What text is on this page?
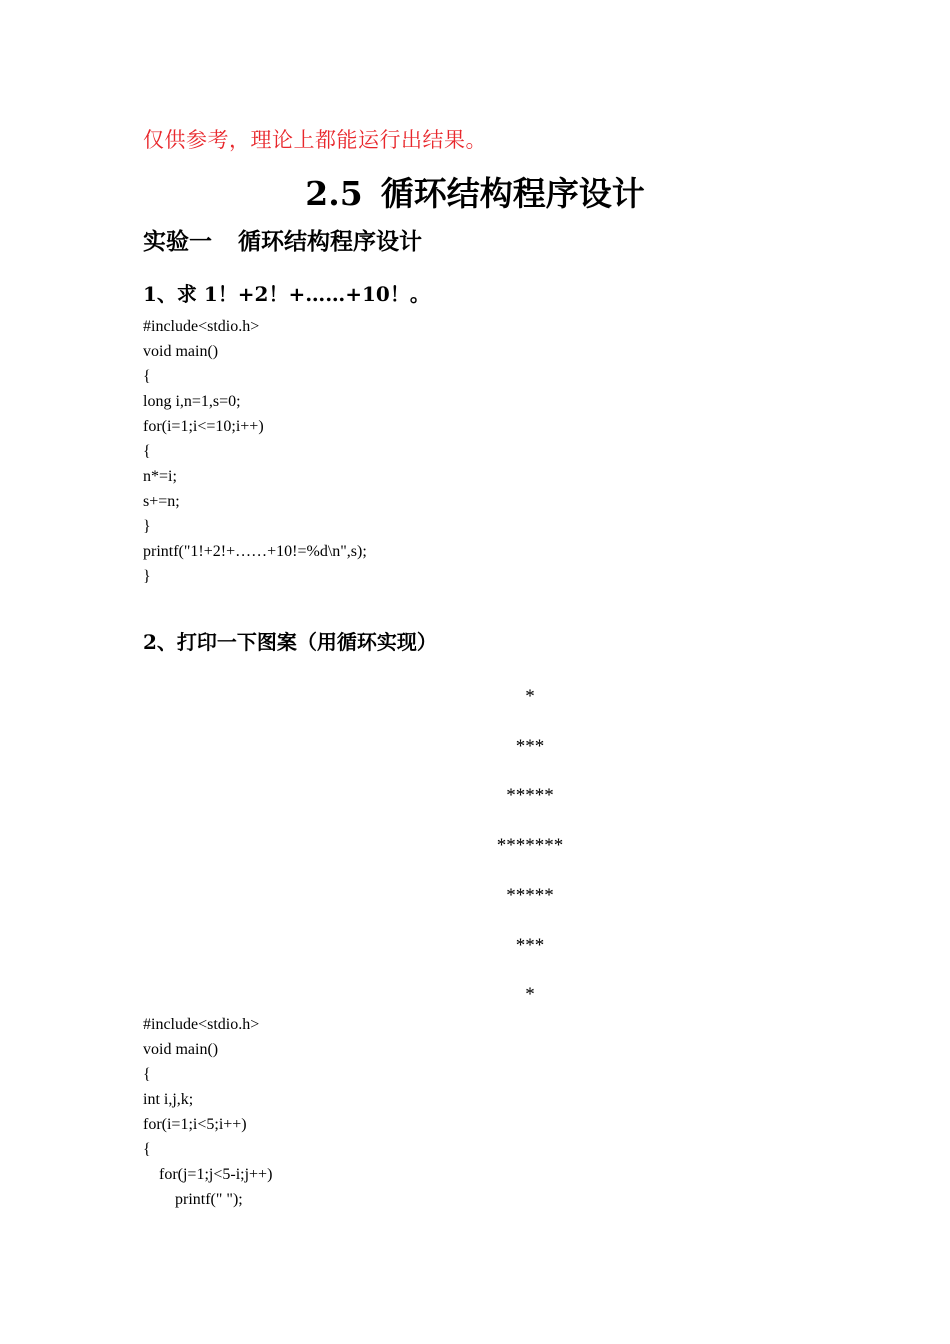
仅供参考，理论上都能运行出结果。
2.5 循环结构程序设计
实验一 循环结构程序设计
1、求 1！+2！+……+10！。
#include<stdio.h>
void main()
{
long i,n=1,s=0;
for(i=1;i<=10;i++)
{
n*=i;
s+=n;
}
printf("1!+2!+……+10!=%d\n",s);
}
2、打印一下图案（用循环实现）
*
***
*****
*******
*****
***
*
#include<stdio.h>
void main()
{
int i,j,k;
for(i=1;i<5;i++)
{
for(j=1;j<5-i;j++)
printf(" ");
